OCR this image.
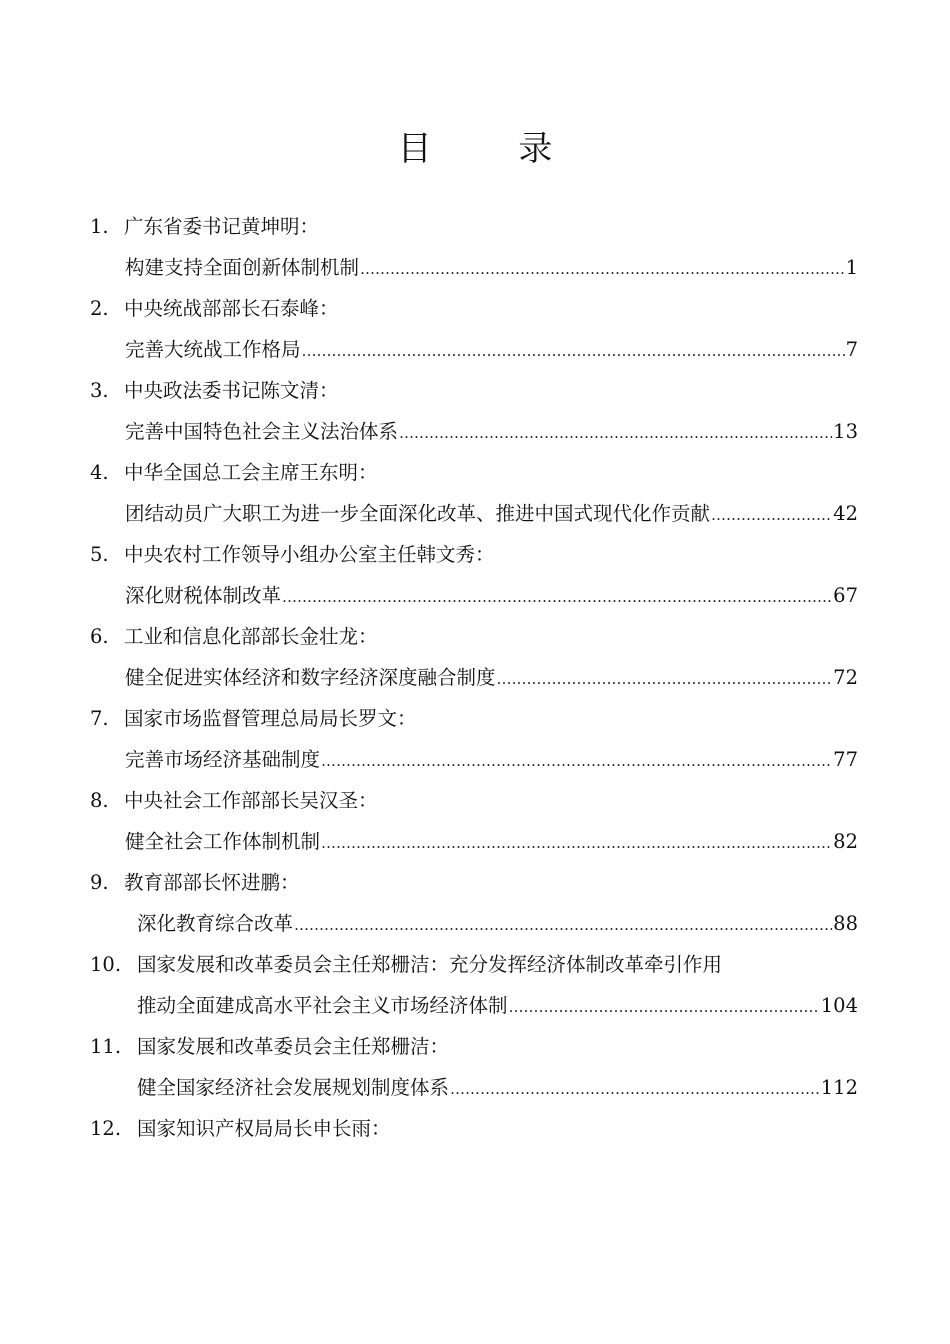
目 录
1. 广东省委书记黄坤明：
构建支持全面创新体制机制 ………………………………………………………………………………………………………………………………………………………	1
2. 中央统战部部长石泰峰：
完善大统战工作格局 ………………………………………………………………………………………………………………………………………………………	7
3. 中央政法委书记陈文清：
完善中国特色社会主义法治体系 ………………………………………………………………………………………………………………………………………………………	13
4. 中华全国总工会主席王东明：
团结动员广大职工为进一步全面深化改革、推进中国式现代化作贡献 ………………………………………………………………………………………………………………………………………………………	42
5. 中央农村工作领导小组办公室主任韩文秀：
深化财税体制改革 ………………………………………………………………………………………………………………………………………………………	67
6. 工业和信息化部部长金壮龙：
健全促进实体经济和数字经济深度融合制度 ………………………………………………………………………………………………………………………………………………………	72
7. 国家市场监督管理总局局长罗文：
完善市场经济基础制度 ………………………………………………………………………………………………………………………………………………………	77
8. 中央社会工作部部长吴汉圣：
健全社会工作体制机制 ………………………………………………………………………………………………………………………………………………………	82
9. 教育部部长怀进鹏：
深化教育综合改革 ………………………………………………………………………………………………………………………………………………………	88
10. 国家发展和改革委员会主任郑栅洁：充分发挥经济体制改革牵引作用
推动全面建成高水平社会主义市场经济体制 ………………………………………………………………………………………………………………………………………………………	104
11. 国家发展和改革委员会主任郑栅洁：
健全国家经济社会发展规划制度体系 ………………………………………………………………………………………………………………………………………………………	112
12. 国家知识产权局局长申长雨：
